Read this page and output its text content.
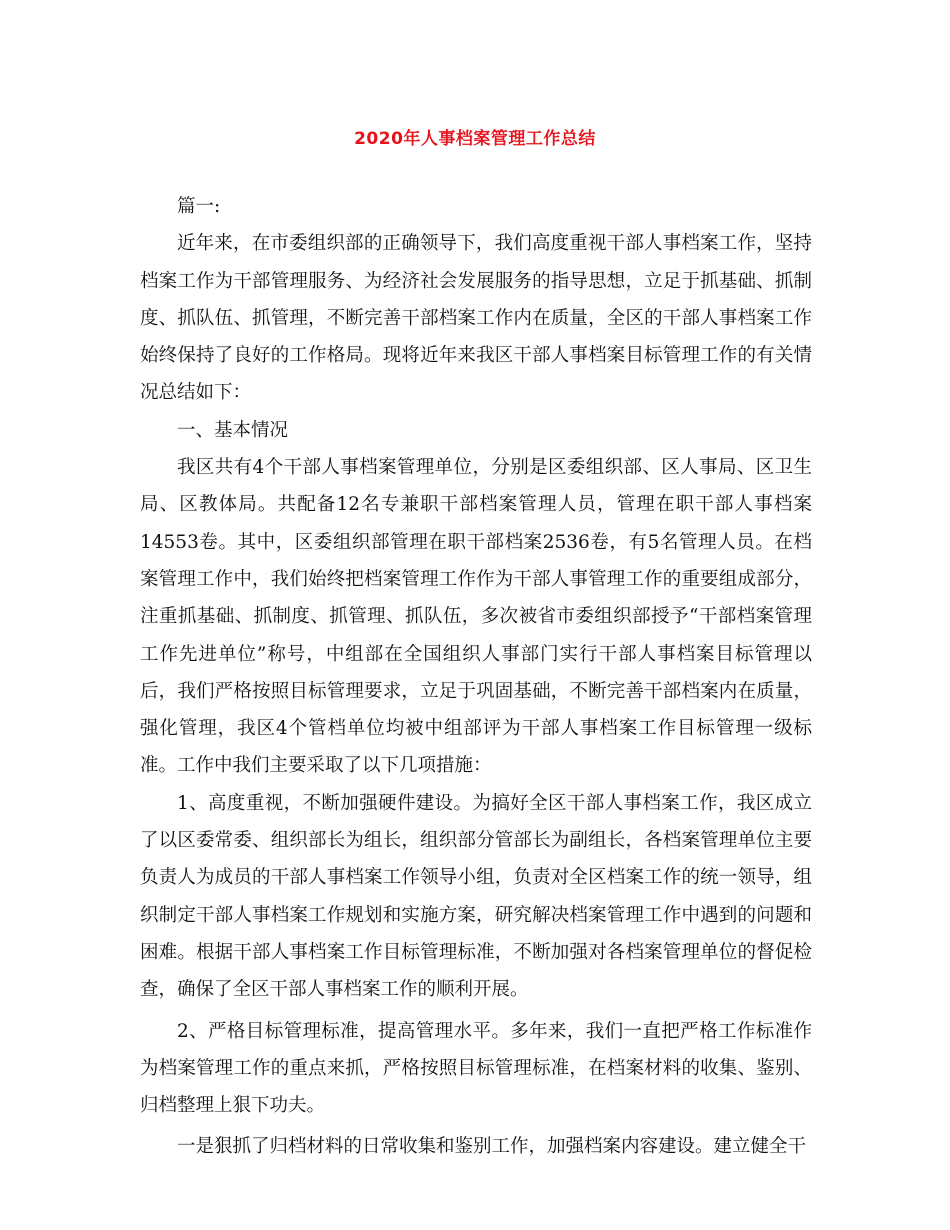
2020年人事档案管理工作总结

篇一:

近年来，在市委组织部的正确领导下，我们高度重视干部人事档案工作，坚持档案工作为干部管理服务、为经济社会发展服务的指导思想，立足于抓基础、抓制度、抓队伍、抓管理，不断完善干部档案工作内在质量，全区的干部人事档案工作始终保持了良好的工作格局。现将近年来我区干部人事档案目标管理工作的有关情况总结如下：

一、基本情况

我区共有4个干部人事档案管理单位，分别是区委组织部、区人事局、区卫生局、区教体局。共配备12名专兼职干部档案管理人员，管理在职干部人事档案14553卷。其中，区委组织部管理在职干部档案2536卷，有5名管理人员。在档案管理工作中，我们始终把档案管理工作作为干部人事管理工作的重要组成部分，注重抓基础、抓制度、抓管理、抓队伍，多次被省市委组织部授予“干部档案管理工作先进单位”称号，中组部在全国组织人事部门实行干部人事档案目标管理以后，我们严格按照目标管理要求，立足于巩固基础，不断完善干部档案内在质量，强化管理，我区4个管档单位均被中组部评为干部人事档案工作目标管理一级标准。工作中我们主要采取了以下几项措施：

1、高度重视，不断加强硬件建设。为搞好全区干部人事档案工作，我区成立了以区委常委、组织部长为组长，组织部分管部长为副组长，各档案管理单位主要负责人为成员的干部人事档案工作领导小组，负责对全区档案工作的统一领导，组织制定干部人事档案工作规划和实施方案，研究解决档案管理工作中遇到的问题和困难。根据干部人事档案工作目标管理标准，不断加强对各档案管理单位的督促检查，确保了全区干部人事档案工作的顺利开展。

2、严格目标管理标准，提高管理水平。多年来，我们一直把严格工作标准作为档案管理工作的重点来抓，严格按照目标管理标准，在档案材料的收集、鉴别、归档整理上狠下功夫。

一是狠抓了归档材料的日常收集和鉴别工作，加强档案内容建设。建立健全干
